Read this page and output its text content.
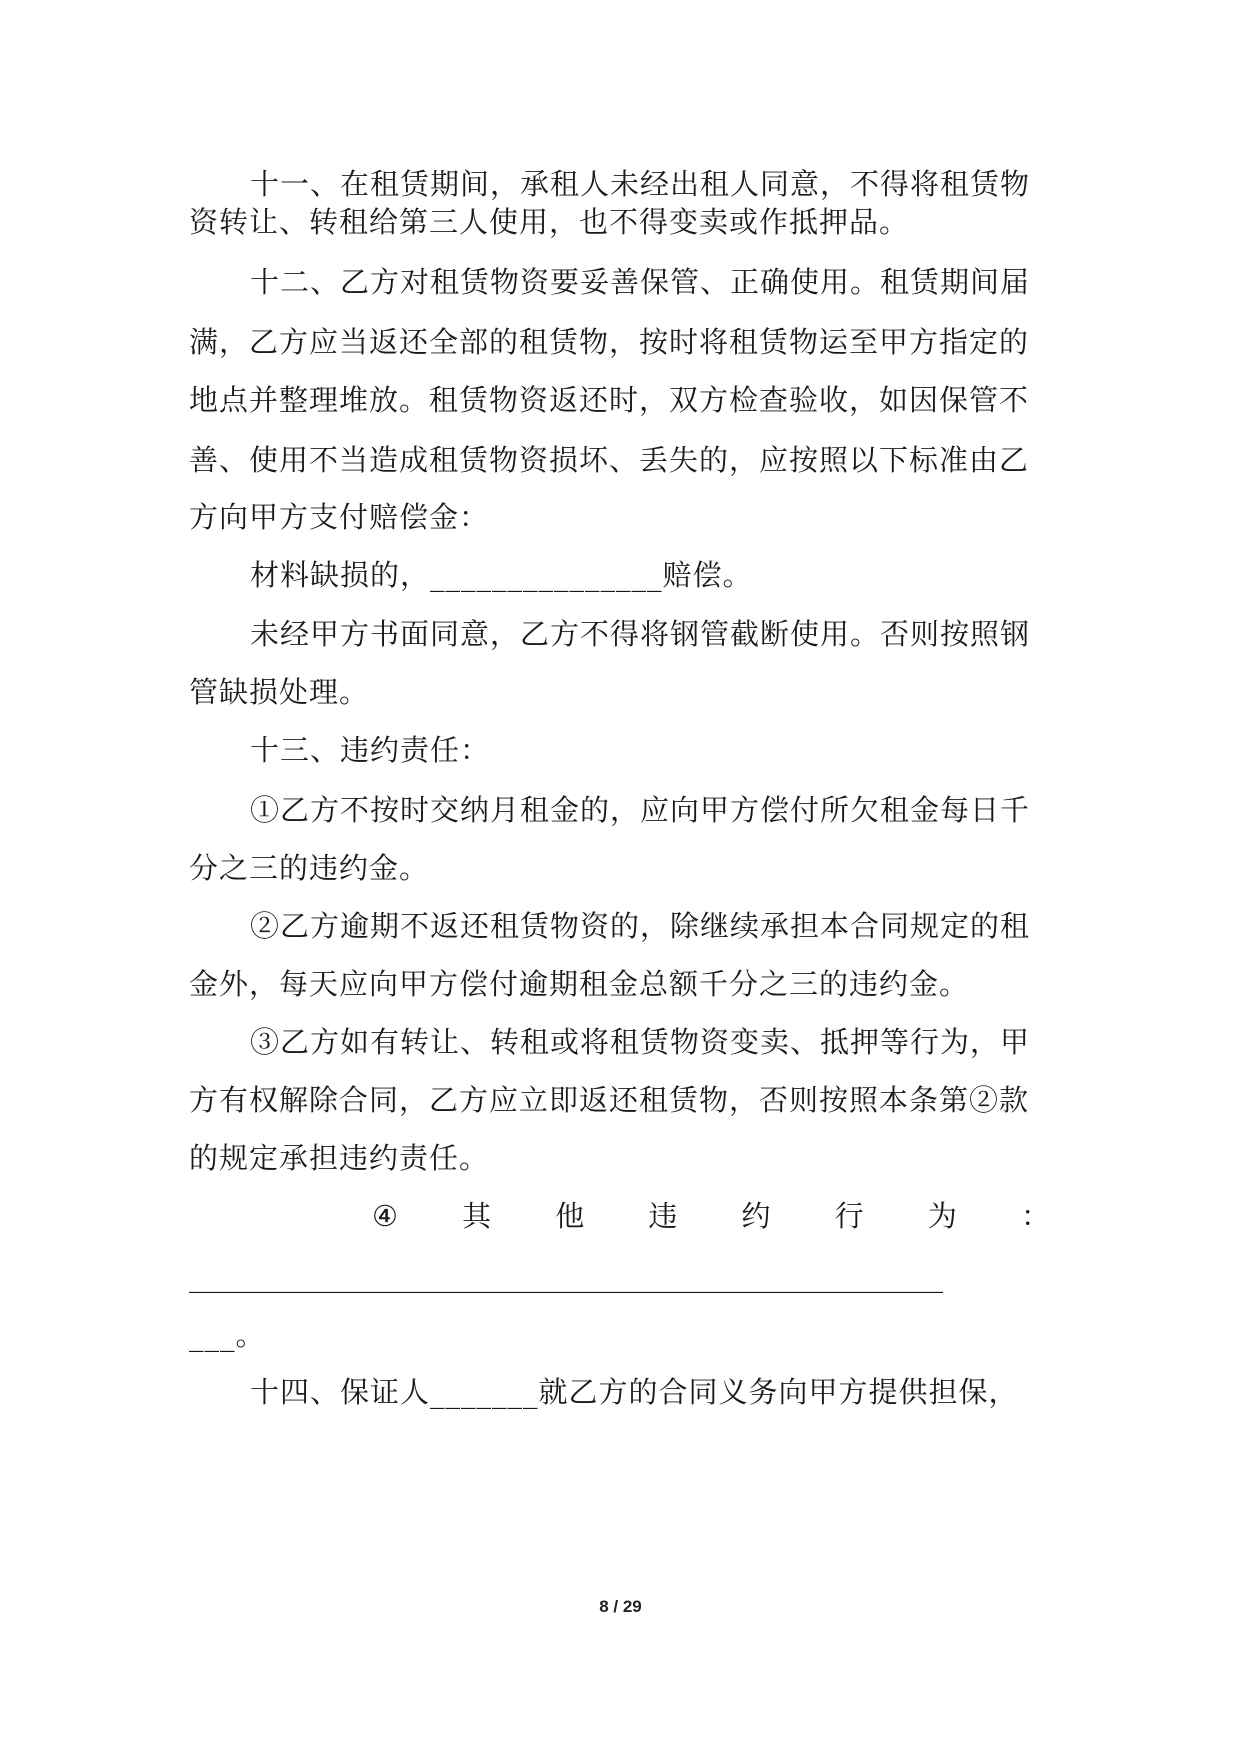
十一、在租赁期间，承租人未经出租人同意，不得将租赁物
资转让、转租给第三人使用，也不得变卖或作抵押品。
十二、乙方对租赁物资要妥善保管、正确使用。租赁期间届
满，乙方应当返还全部的租赁物，按时将租赁物运至甲方指定的
地点并整理堆放。租赁物资返还时，双方检查验收，如因保管不
善、使用不当造成租赁物资损坏、丢失的，应按照以下标准由乙
方向甲方支付赔偿金：
材料缺损的，_______________赔偿。
未经甲方书面同意，乙方不得将钢管截断使用。否则按照钢
管缺损处理。
十三、违约责任：
①乙方不按时交纳月租金的，应向甲方偿付所欠租金每日千
分之三的违约金。
②乙方逾期不返还租赁物资的，除继续承担本合同规定的租
金外，每天应向甲方偿付逾期租金总额千分之三的违约金。
③乙方如有转让、转租或将租赁物资变卖、抵押等行为，甲
方有权解除合同，乙方应立即返还租赁物，否则按照本条第②款
的规定承担违约责任。
④ 其 他 违 约 行 为 ：
____________________________________________________
___。
十四、保证人_______就乙方的合同义务向甲方提供担保，
8 / 29
